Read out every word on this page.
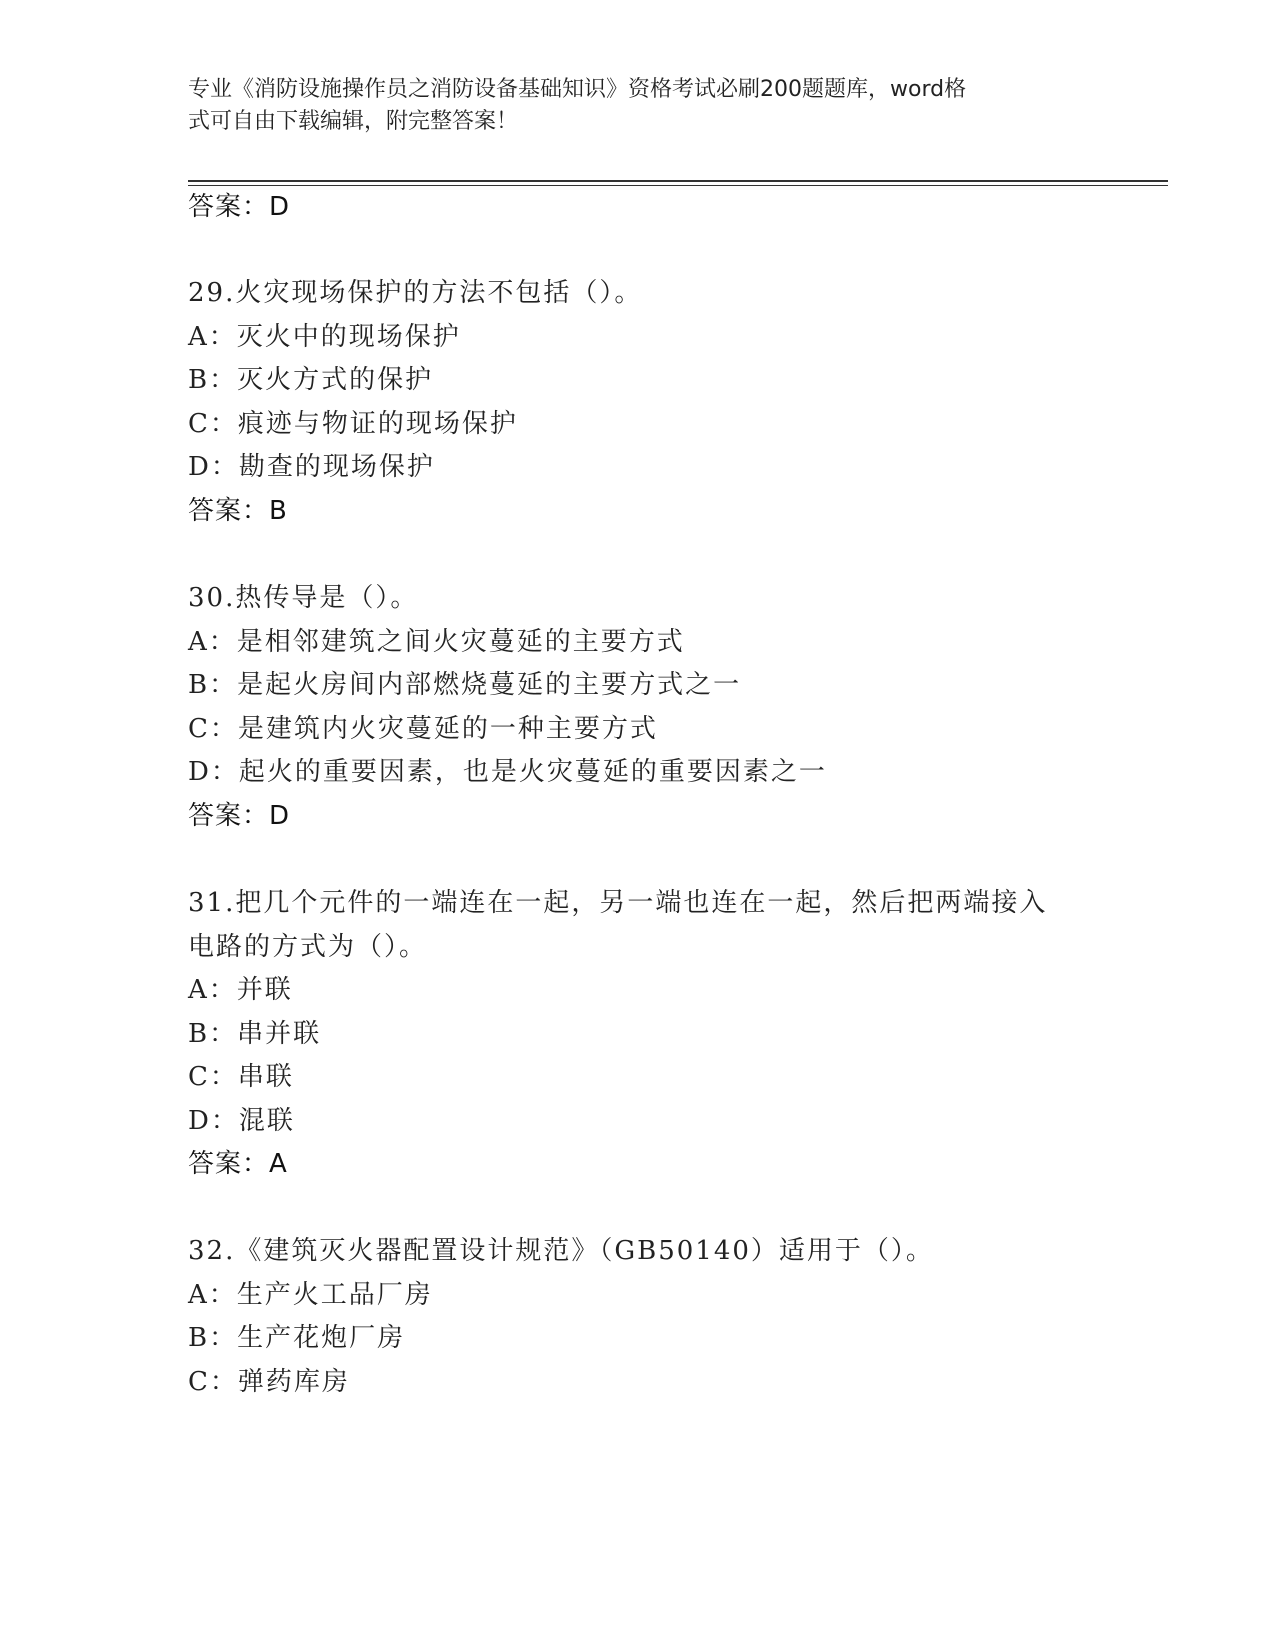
专业《消防设施操作员之消防设备基础知识》资格考试必刷200题题库，word格
式可自由下载编辑，附完整答案！
答案：D
29.火灾现场保护的方法不包括（）。
A：灭火中的现场保护
B：灭火方式的保护
C：痕迹与物证的现场保护
D：勘查的现场保护
答案：B
30.热传导是（）。
A：是相邻建筑之间火灾蔓延的主要方式
B：是起火房间内部燃烧蔓延的主要方式之一
C：是建筑内火灾蔓延的一种主要方式
D：起火的重要因素，也是火灾蔓延的重要因素之一
答案：D
31.把几个元件的一端连在一起，另一端也连在一起，然后把两端接入
电路的方式为（）。
A：并联
B：串并联
C：串联
D：混联
答案：A
32.《建筑灭火器配置设计规范》（GB50140）适用于（）。
A：生产火工品厂房
B：生产花炮厂房
C：弹药库房
